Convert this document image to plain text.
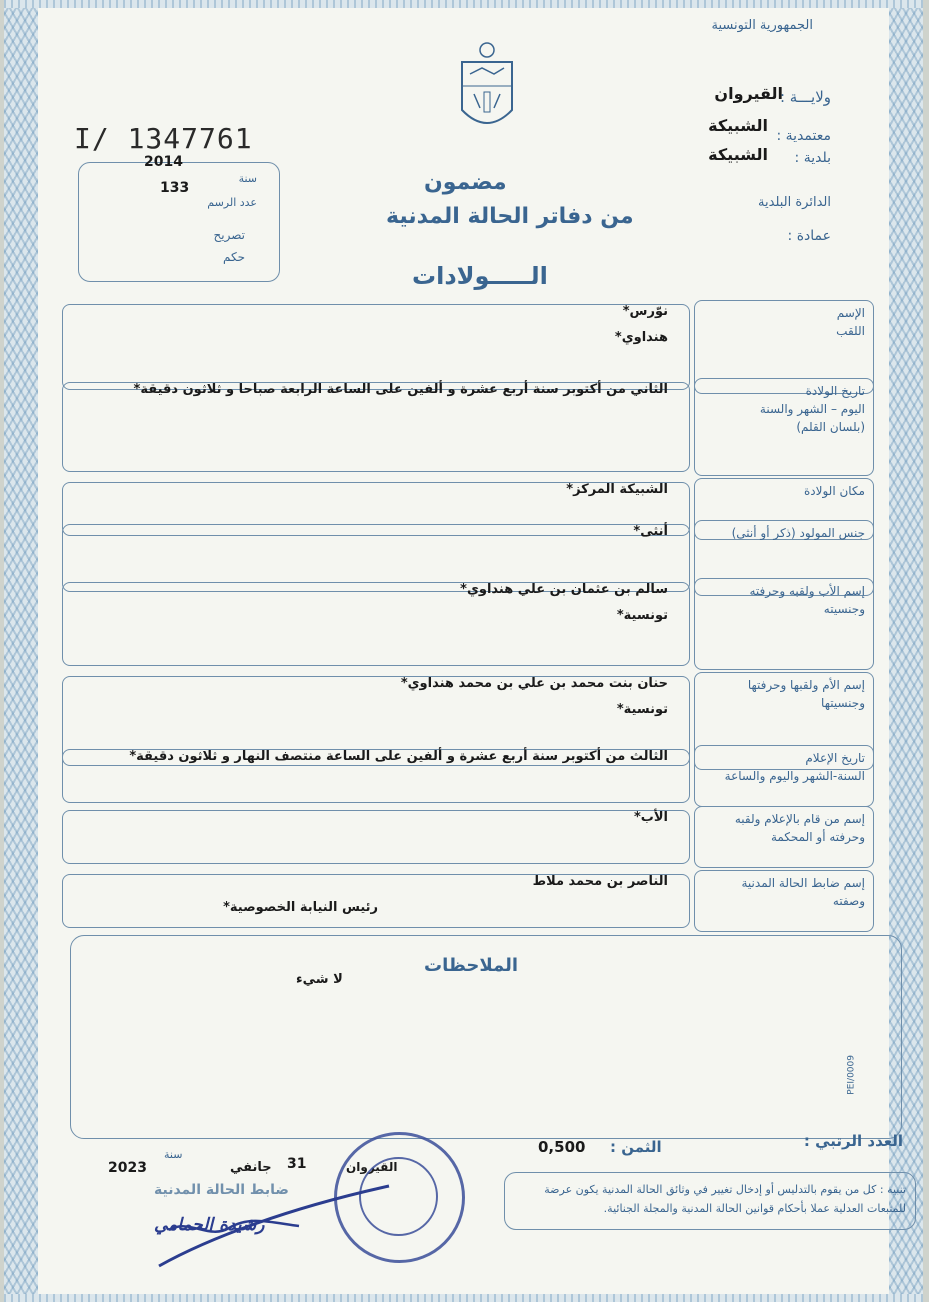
الجمهورية التونسية
ولايـــة :
القيروان
معتمدية :
الشبيكة
بلدية :
الشبيكة
الدائرة البلدية
عمادة :
I/ 1347761
2014
سنة
133
عدد الرسم
تصريح
حكم
مضمون
من دفاتر الحالة المدنية
الـــــولادات
الإسم
اللقب
نوّرس*
هنداوي*
تاريخ الولادة
اليوم – الشهر والسنة
(بلسان القلم)
الثاني من أكتوبر سنة أربع عشرة و ألفين على الساعة الرابعة صباحا و ثلاثون دقيقة*
مكان الولادة
الشبيكة المركز*
جنس المولود (ذكر أو أنثى)
أنثى*
إسم الأب ولقبه وحرفته
وجنسيته
سالم بن عثمان بن علي هنداوي*
تونسية*
إسم الأم ولقبها وحرفتها
وجنسيتها
حنان بنت محمد بن علي بن محمد هنداوي*
تونسية*
تاريخ الإعلام
السنة-الشهر واليوم والساعة
الثالث من أكتوبر سنة أربع عشرة و ألفين على الساعة منتصف النهار و ثلاثون دقيقة*
إسم من قام بالإعلام ولقبه
وحرفته أو المحكمة
الأب*
إسم ضابط الحالة المدنية
وصفته
الناصر بن محمد ملاط
رئيس النيابة الخصوصية*
الملاحظات
لا شيء
PEI/0009
العدد الرتبي :
الثمن :
0,500
تنبيه : كل من يقوم بالتدليس أو إدخال تغيير في وثائق الحالة المدنية يكون عرضة للمتبعات العدلية عملا بأحكام قوانين الحالة المدنية والمجلة الجنائية.
2023
سنة
جانفي 31	القيروان
ضابط الحالة المدنية
رشيدة الحمامي
